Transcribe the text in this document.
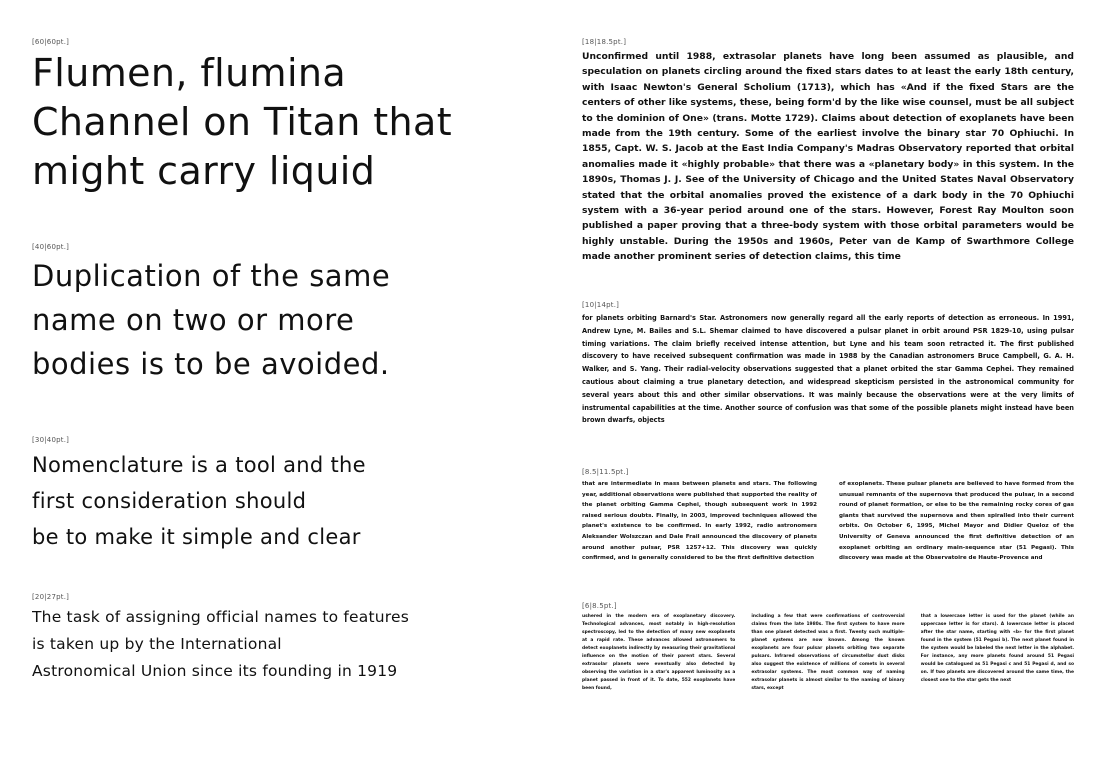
[60|60pt.]
Flumen, flumina
Channel on Titan that
might carry liquid
[40|60pt.]
Duplication of the same
name on two or more
bodies is to be avoided.
[30|40pt.]
Nomenclature is a tool and the
first consideration should
be to make it simple and clear
[20|27pt.]
The task of assigning official names to features
is taken up by the International
Astronomical Union since its founding in 1919
[18|18.5pt.]

Unconfirmed until 1988, extrasolar planets have long been assumed as plausible, and speculation on planets circling around the fixed stars dates to at least the early 18th century, with Isaac Newton's General Scholium (1713), which has «And if the fixed Stars are the centers of other like systems, these, being form'd by the like wise counsel, must be all subject to the dominion of One» (trans. Motte 1729). Claims about detection of exoplanets have been made from the 19th century. Some of the earliest involve the binary star 70 Ophiuchi. In 1855, Capt. W. S. Jacob at the East India Company's Madras Observatory reported that orbital anomalies made it «highly probable» that there was a «planetary body» in this system. In the 1890s, Thomas J. J. See of the University of Chicago and the United States Naval Observatory stated that the orbital anomalies proved the existence of a dark body in the 70 Ophiuchi system with a 36-year period around one of the stars. However, Forest Ray Moulton soon published a paper proving that a three-body system with those orbital parameters would be highly unstable. During the 1950s and 1960s, Peter van de Kamp of Swarthmore College made another prominent series of detection claims, this time

[10|14pt.]

for planets orbiting Barnard's Star. Astronomers now generally regard all the early reports of detection as erroneous. In 1991, Andrew Lyne, M. Bailes and S.L. Shemar claimed to have discovered a pulsar planet in orbit around PSR 1829-10, using pulsar timing variations. The claim briefly received intense attention, but Lyne and his team soon retracted it. The first published discovery to have received subsequent confirmation was made in 1988 by the Canadian astronomers Bruce Campbell, G. A. H. Walker, and S. Yang. Their radial-velocity observations suggested that a planet orbited the star Gamma Cephei. They remained cautious about claiming a true planetary detection, and widespread skepticism persisted in the astronomical community for several years about this and other similar observations. It was mainly because the observations were at the very limits of instrumental capabilities at the time. Another source of confusion was that some of the possible planets might instead have been brown dwarfs, objects

[8.5|11.5pt.]

that are intermediate in mass between planets and stars. The following year, additional observations were published that supported the reality of the planet orbiting Gamma Cephei, though subsequent work in 1992 raised serious doubts. Finally, in 2003, improved techniques allowed the planet's existence to be confirmed. In early 1992, radio astronomers Aleksander Wolszczan and Dale Frail announced the discovery of planets around another pulsar, PSR 1257+12. This discovery was quickly confirmed, and is generally considered to be the first definitive detection

of exoplanets. These pulsar planets are believed to have formed from the unusual remnants of the supernova that produced the pulsar, in a second round of planet formation, or else to be the remaining rocky cores of gas giants that survived the supernova and then spiralled into their current orbits. On October 6, 1995, Michel Mayor and Didier Queloz of the University of Geneva announced the first definitive detection of an exoplanet orbiting an ordinary main-sequence star (51 Pegasi). This discovery was made at the Observatoire de Haute-Provence and

[6|8.5pt.]

ushered in the modern era of exoplanetary discovery. Technological advances, most notably in high-resolution spectroscopy, led to the detection of many new exoplanets at a rapid rate. These advances allowed astronomers to detect exoplanets indirectly by measuring their gravitational influence on the motion of their parent stars. Several extrasolar planets were eventually also detected by observing the variation in a star's apparent luminosity as a planet passed in front of it. To date, 552 exoplanets have been found,

including a few that were confirmations of controversial claims from the late 1980s. The first system to have more than one planet detected was a first. Twenty such multiple-planet systems are now known. Among the known exoplanets are four pulsar planets orbiting two separate pulsars. Infrared observations of circumstellar dust disks also suggest the existence of millions of comets in several extrasolar systems. The most common way of naming extrasolar planets is almost similar to the naming of binary stars, except

that a lowercase letter is used for the planet (while an uppercase letter is for stars). A lowercase letter is placed after the star name, starting with «b» for the first planet found in the system (51 Pegasi b). The next planet found in the system would be labeled the next letter in the alphabet. For instance, any more planets found around 51 Pegasi would be catalogued as 51 Pegasi c and 51 Pegasi d, and so on. If two planets are discovered around the same time, the closest one to the star gets the next
